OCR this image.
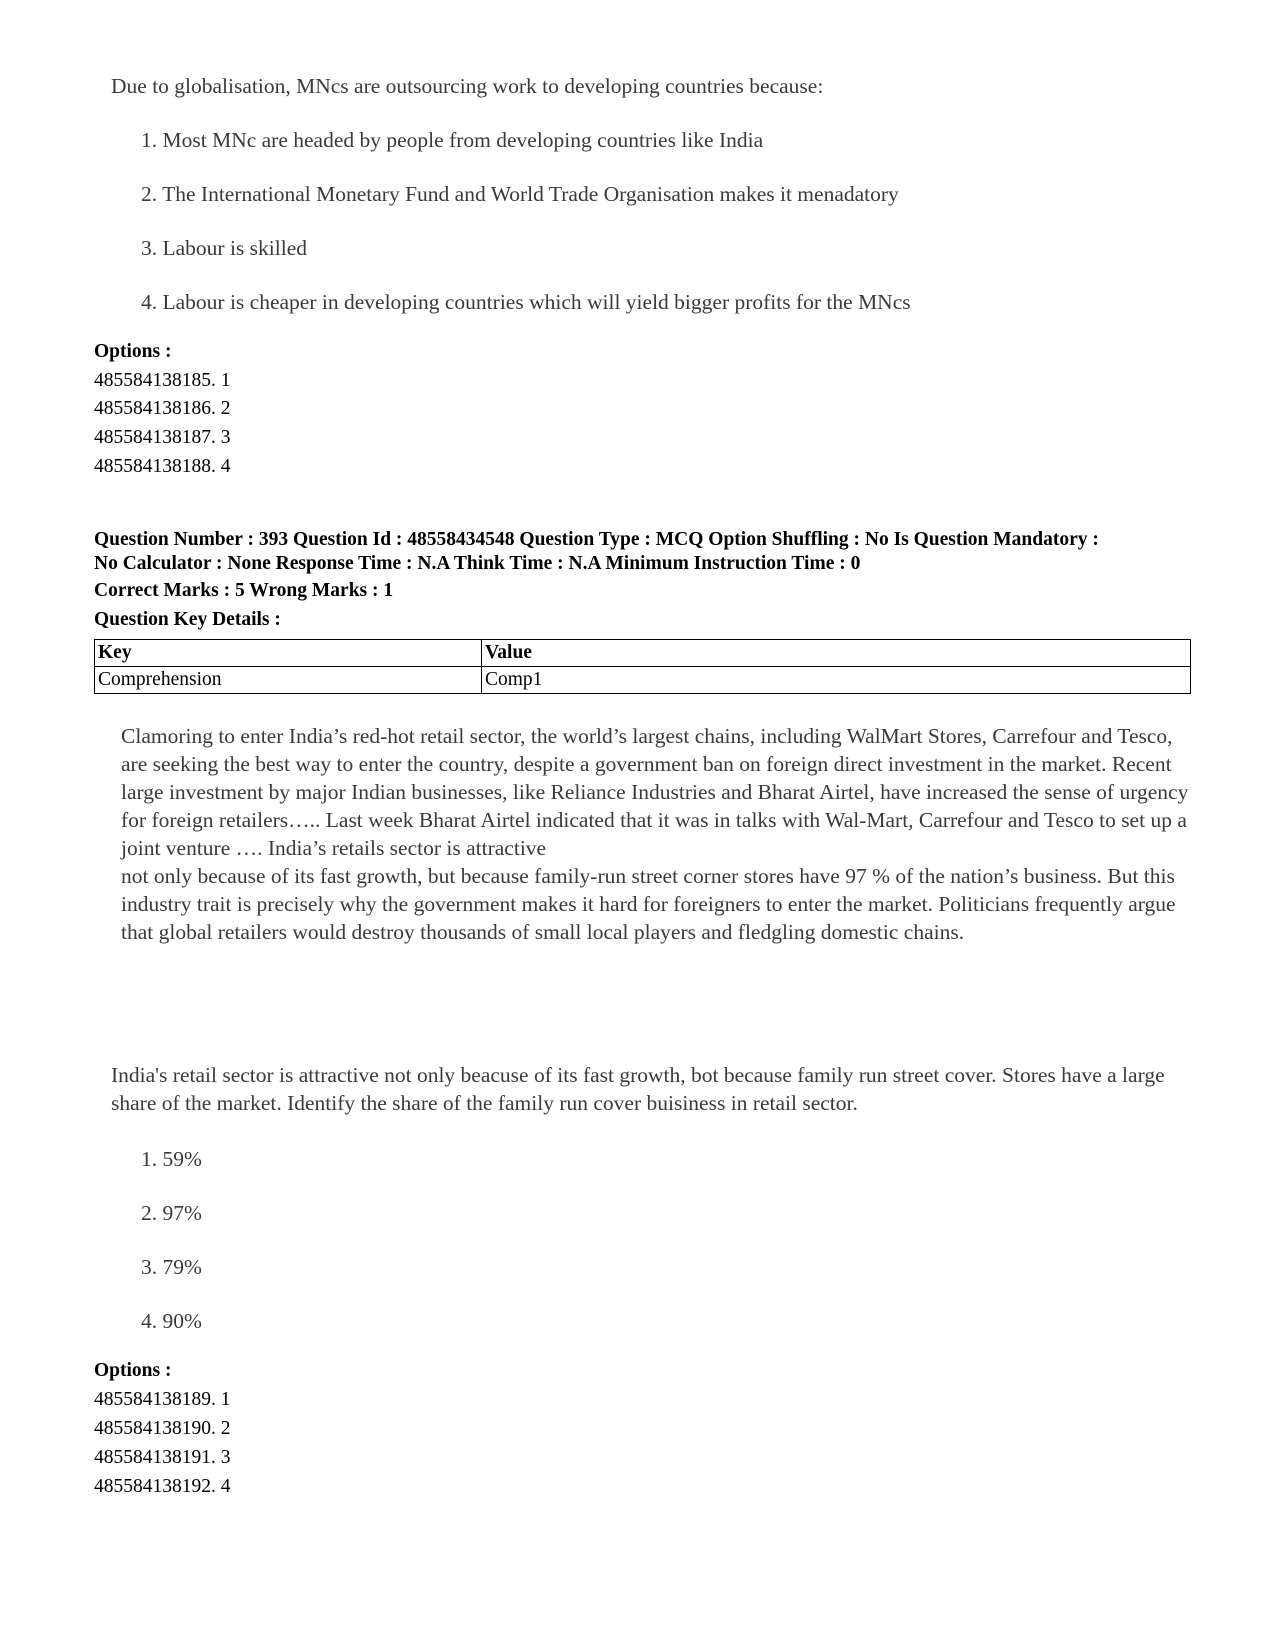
Due to globalisation, MNcs are outsourcing work to developing countries because:
1. Most MNc are headed by people from developing countries like India
2. The International Monetary Fund and World Trade Organisation makes it menadatory
3. Labour is skilled
4. Labour is cheaper in developing countries which will yield bigger profits for the MNcs
Options :
485584138185. 1
485584138186. 2
485584138187. 3
485584138188. 4
Question Number : 393 Question Id : 48558434548 Question Type : MCQ Option Shuffling : No Is Question Mandatory :
No Calculator : None Response Time : N.A Think Time : N.A Minimum Instruction Time : 0
Correct Marks : 5 Wrong Marks : 1
Question Key Details :
Key	Value
Comprehension	Comp1
Clamoring to enter India’s red-hot retail sector, the world’s largest chains, including WalMart Stores, Carrefour and Tesco, are seeking the best way to enter the country, despite a government ban on foreign direct investment in the market. Recent large investment by major Indian businesses, like Reliance Industries and Bharat Airtel, have increased the sense of urgency for foreign retailers….. Last week Bharat Airtel indicated that it was in talks with Wal-Mart, Carrefour and Tesco to set up a joint venture …. India’s retails sector is attractive
not only because of its fast growth, but because family-run street corner stores have 97 % of the nation’s business. But this industry trait is precisely why the government makes it hard for foreigners to enter the market. Politicians frequently argue that global retailers would destroy thousands of small local players and fledgling domestic chains.
India's retail sector is attractive not only beacuse of its fast growth, bot because family run street cover. Stores have a large share of the market. Identify the share of the family run cover buisiness in retail sector.
1. 59%
2. 97%
3. 79%
4. 90%
Options :
485584138189. 1
485584138190. 2
485584138191. 3
485584138192. 4
